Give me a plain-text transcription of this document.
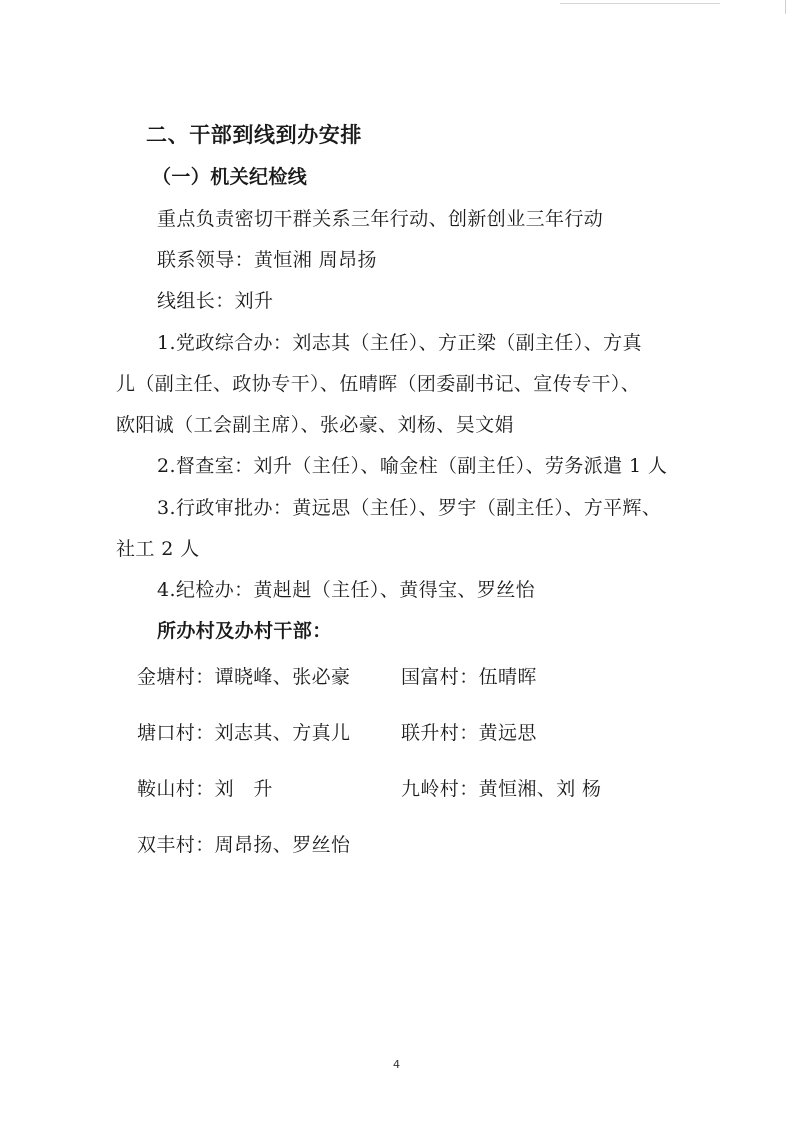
二、干部到线到办安排
（一）机关纪检线
重点负责密切干群关系三年行动、创新创业三年行动
联系领导：黄恒湘 周昂扬
线组长：刘升
1.党政综合办：刘志其（主任）、方正梁（副主任）、方真
儿（副主任、政协专干）、伍晴晖（团委副书记、宣传专干）、
欧阳诚（工会副主席）、张必豪、刘杨、吴文娟
2.督查室：刘升（主任）、喻金柱（副主任）、劳务派遣 1 人
3.行政审批办：黄远思（主任）、罗宇（副主任）、方平辉、
社工 2 人
4.纪检办：黄赳赳（主任）、黄得宝、罗丝怡
所办村及办村干部：
金塘村：谭晓峰、张必豪	国富村：伍晴晖
塘口村：刘志其、方真儿	联升村：黄远思
鞍山村：刘　升	九岭村：黄恒湘、刘 杨
双丰村：周昂扬、罗丝怡
4
